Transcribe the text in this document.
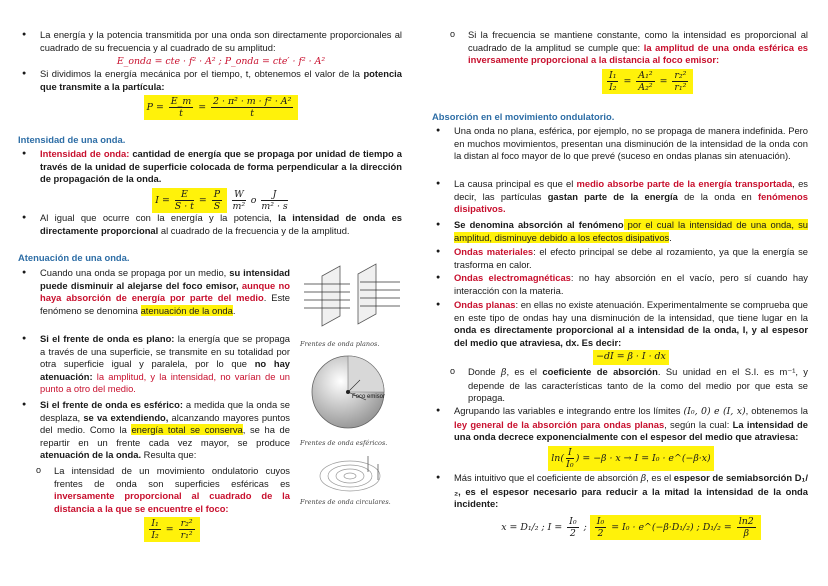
● La energía y la potencia transmitida por una onda son directamente proporcionales al cuadrado de su frecuencia y al cuadrado de su amplitud:
E_onda = cte · f² · A² ; P_onda = cte′ · f² · A²
● Si dividimos la energía mecánica por el tiempo, t, obtenemos el valor de la potencia que transmite a la partícula:
$P = \frac{E\_m}{t} = \frac{\text{2 · π² · m · f² · A²}}{t}$
Intensidad de una onda.
● Intensidad de onda: cantidad de energía que se propaga por unidad de tiempo a través de la unidad de superficie colocada de forma perpendicular a la dirección de propagación de la onda.
$I = \frac{E}{S \cdot t} = \frac{P}{S}$
$\frac{W}{\text{m²}}$ o $\frac{J}{\text{m² · s}}$
● Al igual que ocurre con la energía y la potencia, la intensidad de onda es directamente proporcional al cuadrado de la frecuencia y de la amplitud.
Atenuación de una onda.
● Cuando una onda se propaga por un medio, su intensidad puede disminuir al alejarse del foco emisor, aunque no haya absorción de energía por parte del medio. Este fenómeno se denomina atenuación de la onda.
● Si el frente de onda es plano: la energía que se propaga a través de una superficie, se transmite en su totalidad por otra superficie igual y paralela, por lo que no hay atenuación: la amplitud, y la intensidad, no varían de un punto a otro del medio.
● Si el frente de onda es esférico: a medida que la onda se desplaza, se va extendiendo, alcanzando mayores puntos del medio. Como la energía total se conserva, se ha de repartir en un frente cada vez mayor, se produce atenuación de la onda. Resulta que:
o La intensidad de un movimiento ondulatorio cuyos frentes de onda son superficies esféricas es inversamente proporcional al cuadrado de la distancia a la que se encuentre el foco:
$\frac{\text{I₁}}{\text{I₂}} = \frac{\text{r₂²}}{\text{r₁²}}$
Frentes de onda planos.
Foco emisor
Frentes de onda esféricos.
Frentes de onda circulares.
o Si la frecuencia se mantiene constante, como la intensidad es proporcional al cuadrado de la amplitud se cumple que: la amplitud de una onda esférica es inversamente proporcional a la distancia al foco emisor:
$\frac{\text{I₁}}{\text{I₂}} = \frac{\text{A₁²}}{\text{A₂²}} = \frac{\text{r₂²}}{\text{r₁²}}$
Absorción en el movimiento ondulatorio.
● Una onda no plana, esférica, por ejemplo, no se propaga de manera indefinida. Pero en muchos movimientos, presentan una disminución de la intensidad de la onda con la distan al foco mayor de lo que prevé (suceso en ondas planas sin atenuación).
● La causa principal es que el medio absorbe parte de la energía transportada, es decir, las partículas gastan parte de la energía de la onda en fenómenos disipativos.
● Se denomina absorción al fenómeno por el cual la intensidad de una onda, su amplitud, disminuye debido a los efectos disipativos.
● Ondas materiales: el efecto principal se debe al rozamiento, ya que la energía se trasforma en calor.
● Ondas electromagnéticas: no hay absorción en el vacío, pero sí cuando hay interacción con la materia.
● Ondas planas: en ellas no existe atenuación. Experimentalmente se comprueba que en este tipo de ondas hay una disminución de la intensidad, que tiene lugar en la onda es directamente proporcional al a intensidad de la onda, I, y al espesor del medio que atraviesa, dx. Es decir:
−dI = β · I · dx
o Donde β, es el coeficiente de absorción. Su unidad en el S.I. es m⁻¹, y depende de las características tanto de la como del medio por que esta se propaga.
● Agrupando las variables e integrando entre los límites (I₀, 0) e (I, x), obtenemos la ley general de la absorción para ondas planas, según la cual: La intensidad de una onda decrece exponencialmente con el espesor del medio que atraviesa:
$\ln( \frac{I}{\text{I₀}}$ ) = −β · x → I = I₀ · e^(−β·x)
● Más intuitivo que el coeficiente de absorción β, es el espesor de semiabsorción D₁/₂, es el espesor necesario para reducir a la mitad la intensidad de la onda incidente:
x = D₁/₂ ; $I = \frac{\text{I₀}}{2}$ ; $\frac{\text{I₀}}{2} = I_0$ · e^(−β·D₁/₂) ; $D_1/_2 = \frac{\ln 2}{\beta}$
